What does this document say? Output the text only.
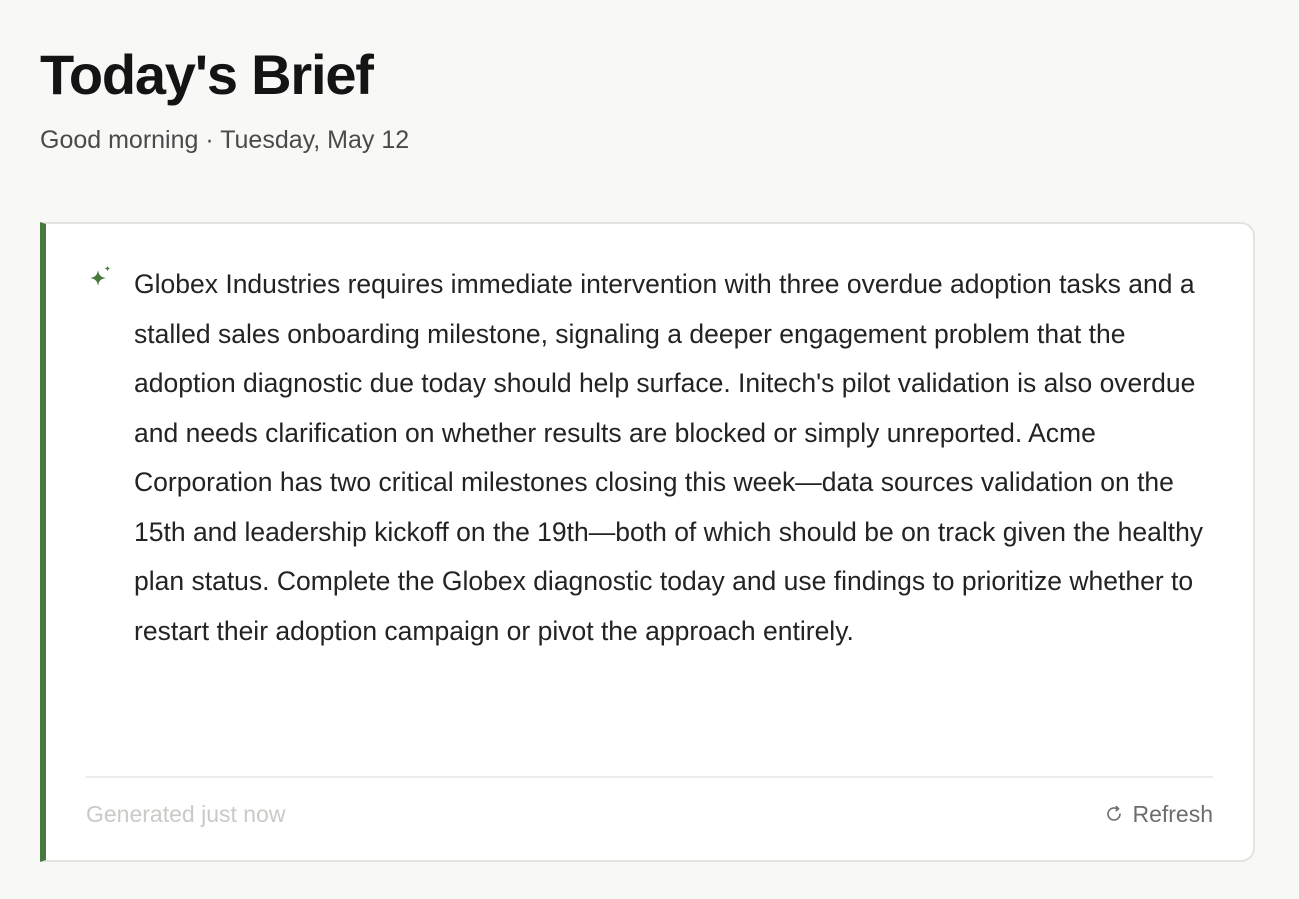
Today's Brief
Good morning · Tuesday, May 12

Globex Industries requires immediate intervention with three overdue adoption tasks and a stalled sales onboarding milestone, signaling a deeper engagement problem that the adoption diagnostic due today should help surface. Initech's pilot validation is also overdue and needs clarification on whether results are blocked or simply unreported. Acme Corporation has two critical milestones closing this week—data sources validation on the 15th and leadership kickoff on the 19th—both of which should be on track given the healthy plan status. Complete the Globex diagnostic today and use findings to prioritize whether to restart their adoption campaign or pivot the approach entirely.

Generated just now	Refresh
